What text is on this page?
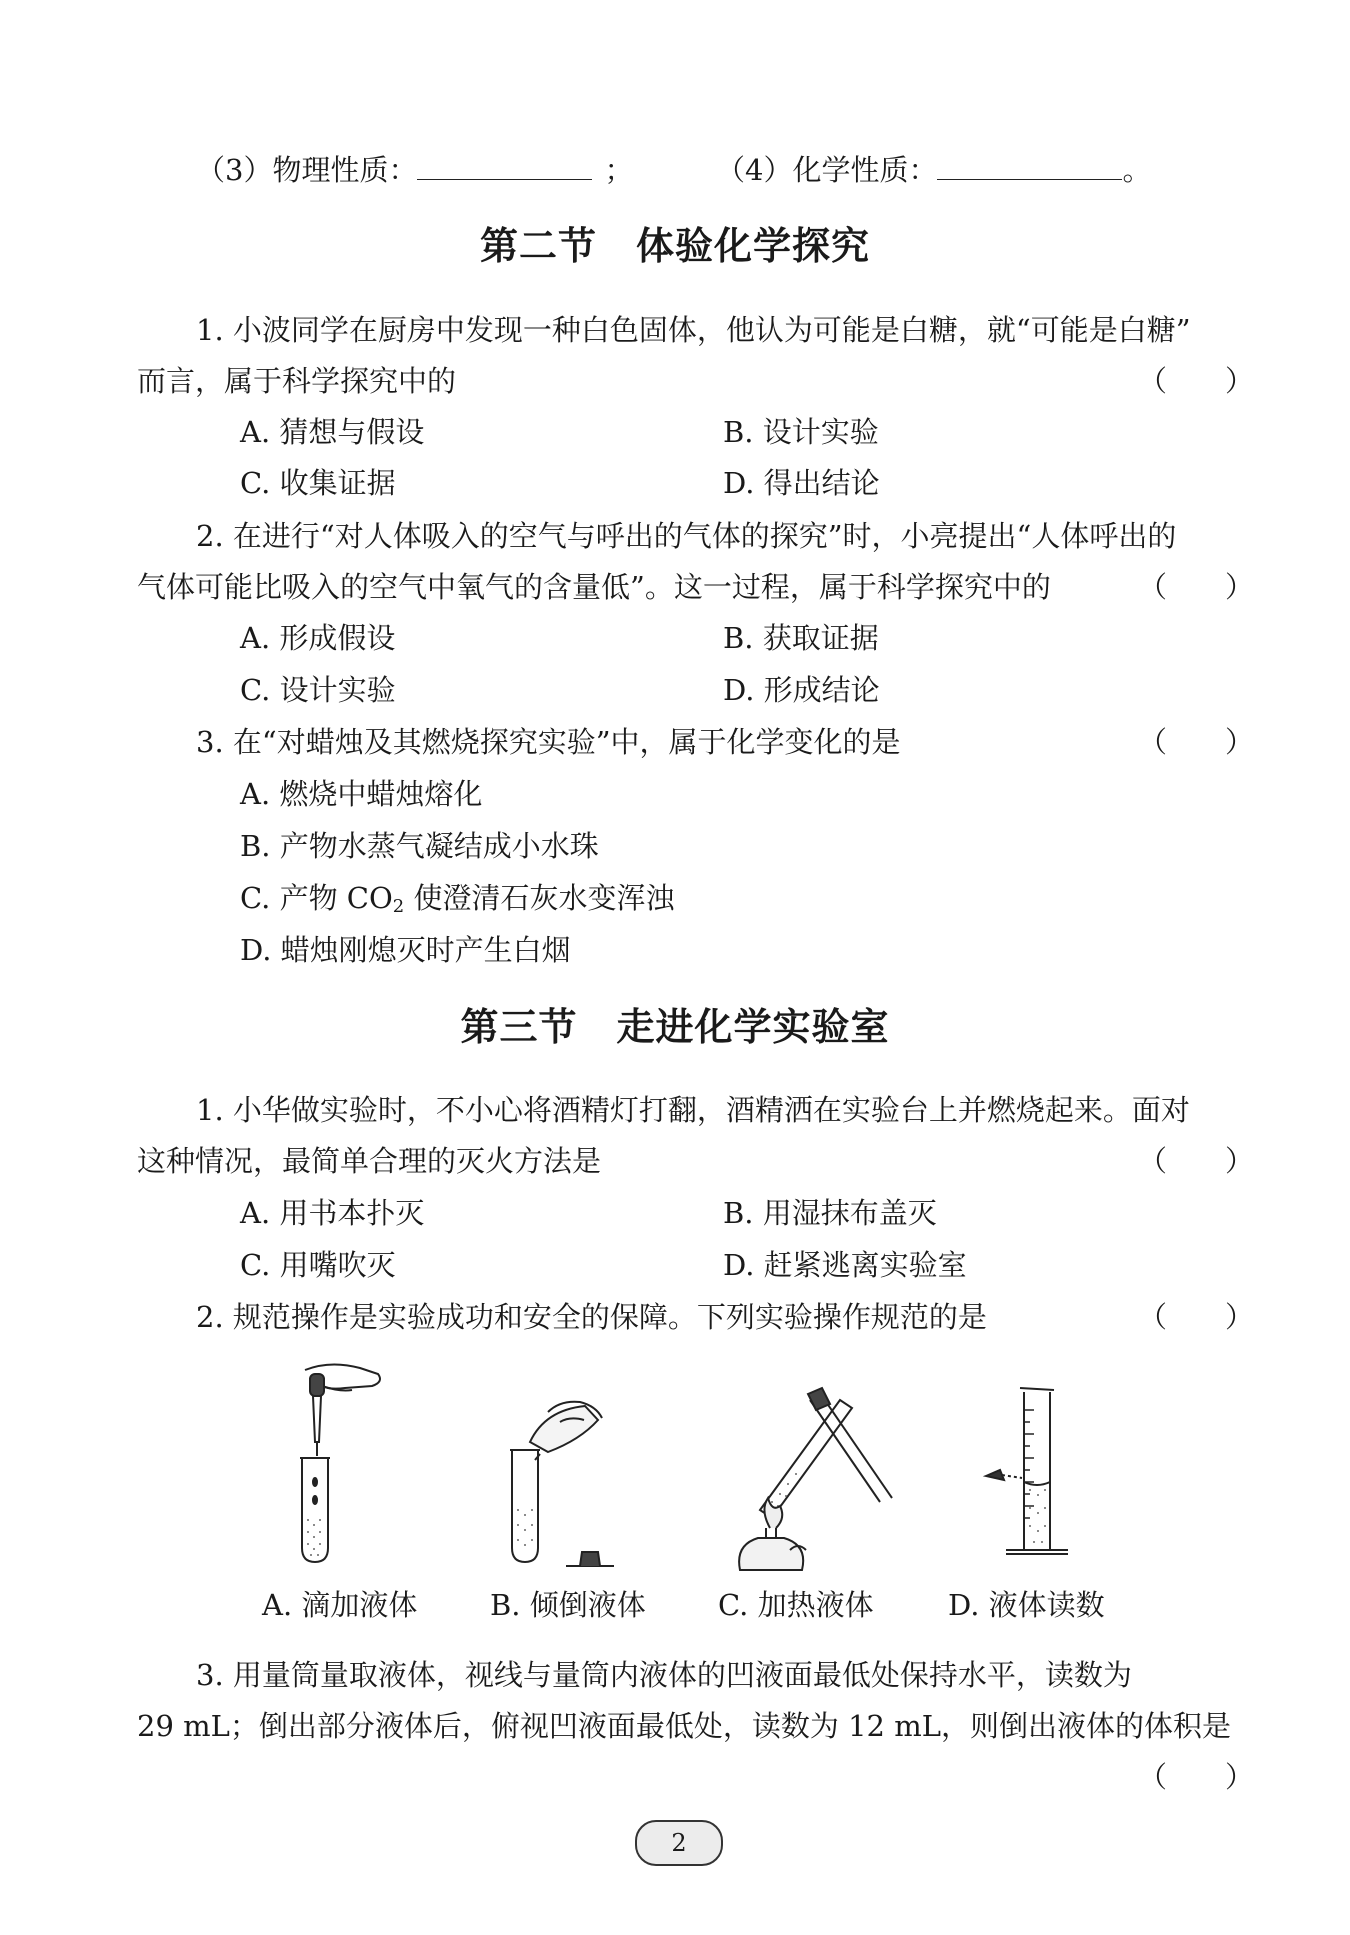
（3）物理性质：	；	（4）化学性质：	。
第二节　体验化学探究
1. 小波同学在厨房中发现一种白色固体，他认为可能是白糖，就“可能是白糖”
而言，属于科学探究中的	（　　）
A. 猜想与假设	B. 设计实验
C. 收集证据	D. 得出结论
2. 在进行“对人体吸入的空气与呼出的气体的探究”时，小亮提出“人体呼出的
气体可能比吸入的空气中氧气的含量低”。这一过程，属于科学探究中的	（　　）
A. 形成假设	B. 获取证据
C. 设计实验	D. 形成结论
3. 在“对蜡烛及其燃烧探究实验”中，属于化学变化的是	（　　）
A. 燃烧中蜡烛熔化
B. 产物水蒸气凝结成小水珠
C. 产物 $CO_2$ 使澄清石灰水变浑浊
D. 蜡烛刚熄灭时产生白烟
第三节　走进化学实验室
1. 小华做实验时，不小心将酒精灯打翻，酒精洒在实验台上并燃烧起来。面对
这种情况，最简单合理的灭火方法是	（　　）
A. 用书本扑灭	B. 用湿抹布盖灭
C. 用嘴吹灭	D. 赶紧逃离实验室
2. 规范操作是实验成功和安全的保障。下列实验操作规范的是	（　　）
A. 滴加液体	B. 倾倒液体 C. 加热液体	D. 液体读数
3. 用量筒量取液体，视线与量筒内液体的凹液面最低处保持水平，读数为
29 mL；倒出部分液体后，俯视凹液面最低处，读数为 12 mL，则倒出液体的体积是
（　　）
2
